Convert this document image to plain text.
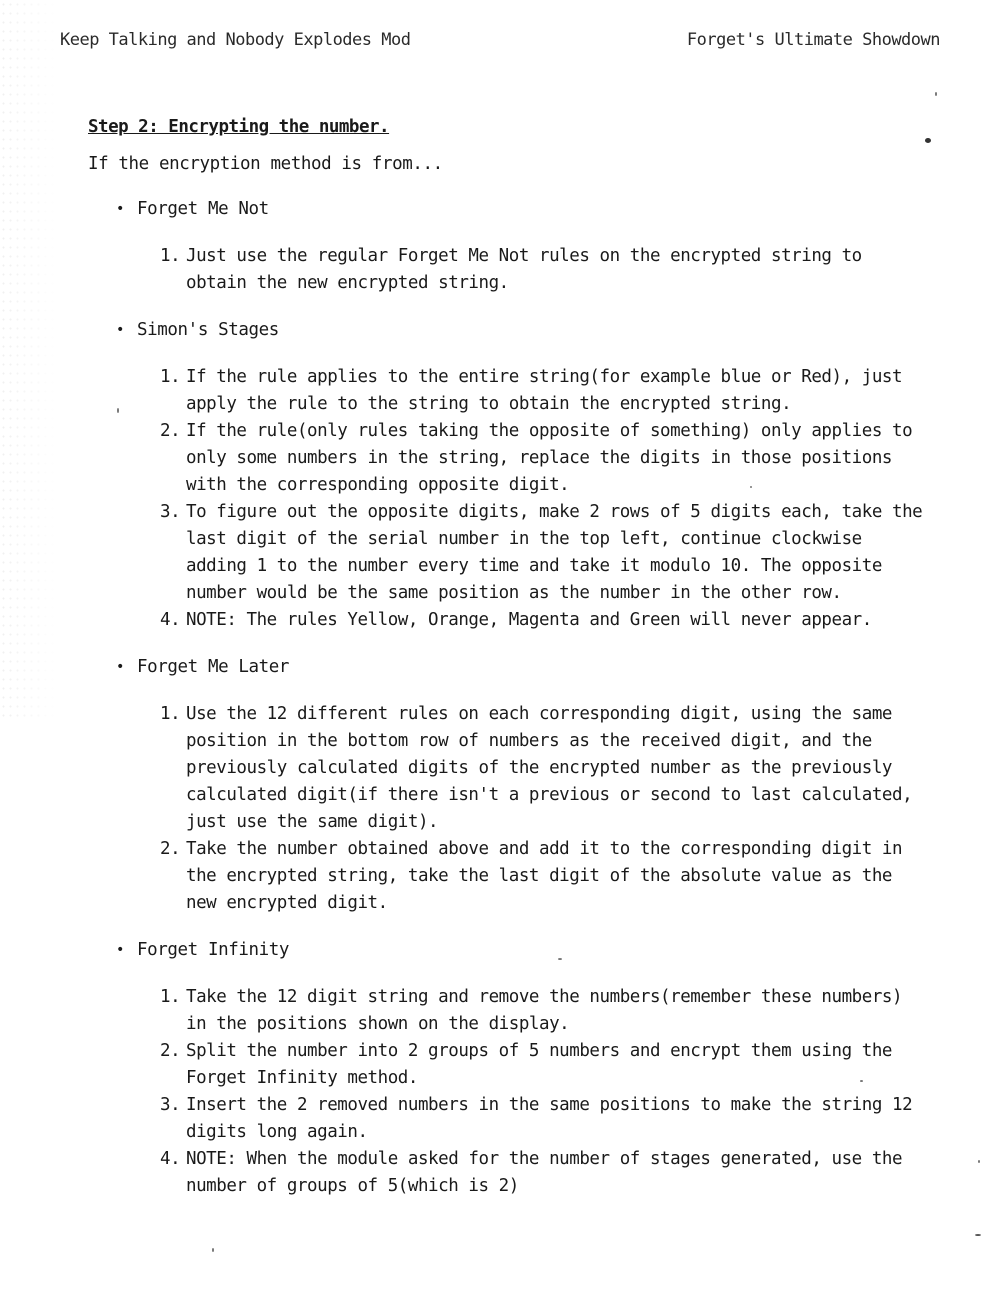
Keep Talking and Nobody Explodes Mod	Forget's Ultimate Showdown
Step 2: Encrypting the number.
If the encryption method is from...
• Forget Me Not
1. Just use the regular Forget Me Not rules on the encrypted string to obtain the new encrypted string.
• Simon's Stages
1. If the rule applies to the entire string(for example blue or Red), just apply the rule to the string to obtain the encrypted string.
2. If the rule(only rules taking the opposite of something) only applies to only some numbers in the string, replace the digits in those positions with the corresponding opposite digit.
3. To figure out the opposite digits, make 2 rows of 5 digits each, take the last digit of the serial number in the top left, continue clockwise adding 1 to the number every time and take it modulo 10. The opposite number would be the same position as the number in the other row.
4. NOTE: The rules Yellow, Orange, Magenta and Green will never appear.
• Forget Me Later
1. Use the 12 different rules on each corresponding digit, using the same position in the bottom row of numbers as the received digit, and the previously calculated digits of the encrypted number as the previously calculated digit(if there isn't a previous or second to last calculated, just use the same digit).
2. Take the number obtained above and add it to the corresponding digit in the encrypted string, take the last digit of the absolute value as the new encrypted digit.
• Forget Infinity
1. Take the 12 digit string and remove the numbers(remember these numbers) in the positions shown on the display.
2. Split the number into 2 groups of 5 numbers and encrypt them using the Forget Infinity method.
3. Insert the 2 removed numbers in the same positions to make the string 12 digits long again.
4. NOTE: When the module asked for the number of stages generated, use the number of groups of 5(which is 2)
